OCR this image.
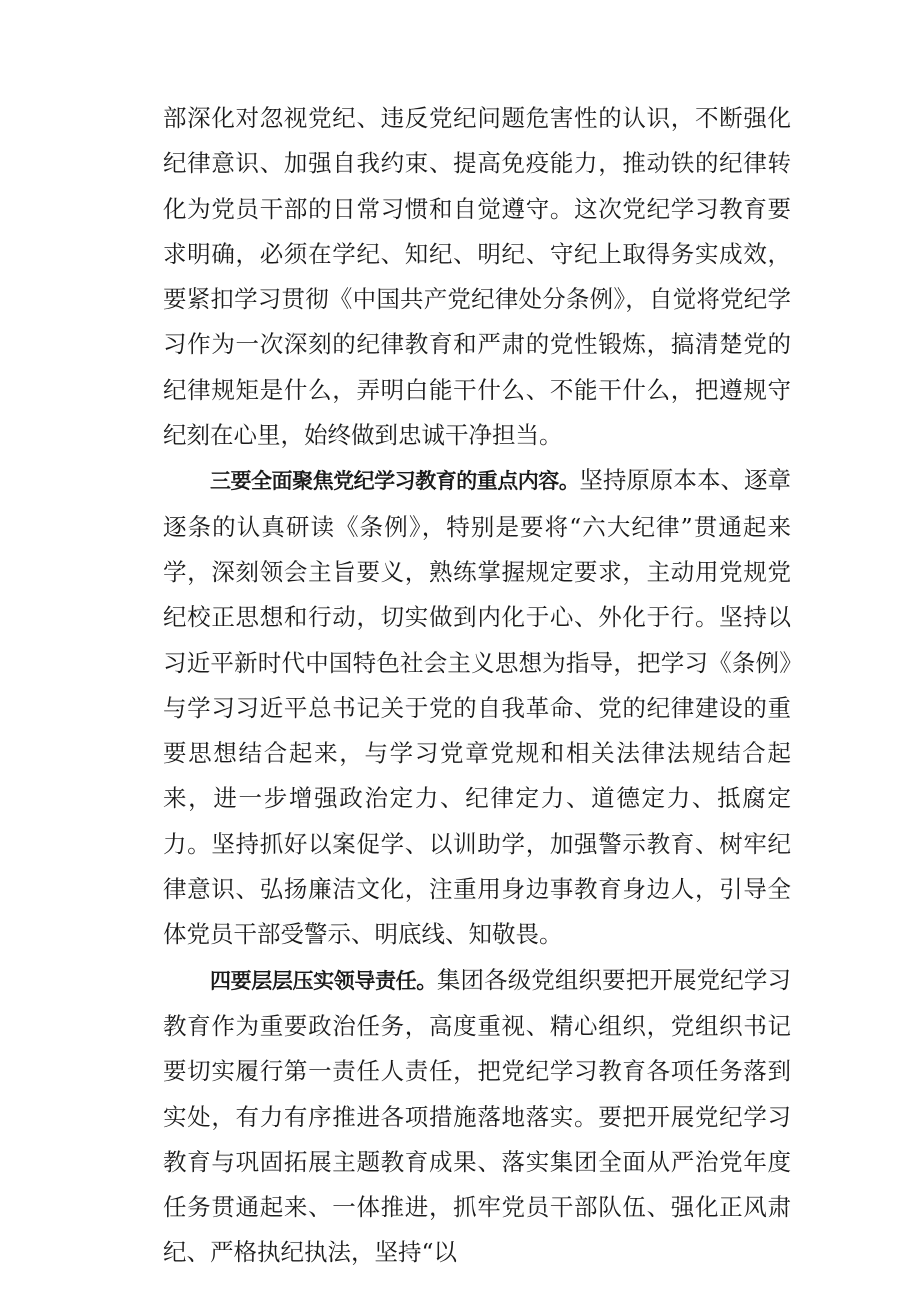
部深化对忽视党纪、违反党纪问题危害性的认识，不断强化纪律意识、加强自我约束、提高免疫能力，推动铁的纪律转化为党员干部的日常习惯和自觉遵守。这次党纪学习教育要求明确，必须在学纪、知纪、明纪、守纪上取得务实成效，要紧扣学习贯彻《中国共产党纪律处分条例》，自觉将党纪学习作为一次深刻的纪律教育和严肃的党性锻炼，搞清楚党的纪律规矩是什么，弄明白能干什么、不能干什么，把遵规守纪刻在心里，始终做到忠诚干净担当。

三要全面聚焦党纪学习教育的重点内容。坚持原原本本、逐章逐条的认真研读《条例》，特别是要将“六大纪律”贯通起来学，深刻领会主旨要义，熟练掌握规定要求，主动用党规党纪校正思想和行动，切实做到内化于心、外化于行。坚持以习近平新时代中国特色社会主义思想为指导，把学习《条例》与学习习近平总书记关于党的自我革命、党的纪律建设的重要思想结合起来，与学习党章党规和相关法律法规结合起来，进一步增强政治定力、纪律定力、道德定力、抵腐定力。坚持抓好以案促学、以训助学，加强警示教育、树牢纪律意识、弘扬廉洁文化，注重用身边事教育身边人，引导全体党员干部受警示、明底线、知敬畏。

四要层层压实领导责任。集团各级党组织要把开展党纪学习教育作为重要政治任务，高度重视、精心组织，党组织书记要切实履行第一责任人责任，把党纪学习教育各项任务落到实处，有力有序推进各项措施落地落实。要把开展党纪学习教育与巩固拓展主题教育成果、落实集团全面从严治党年度任务贯通起来、一体推进，抓牢党员干部队伍、强化正风肃纪、严格执纪执法，坚持“以
